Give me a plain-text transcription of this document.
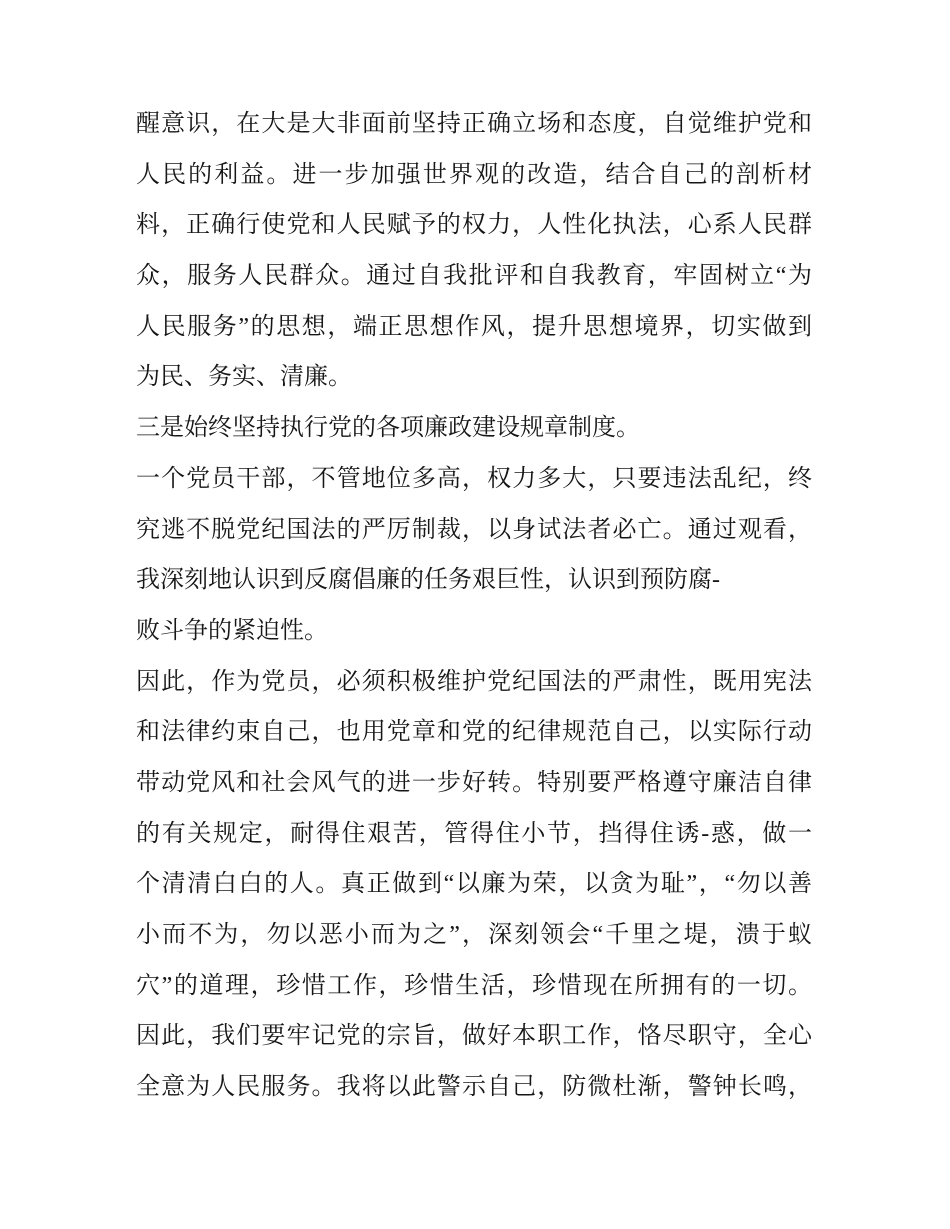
醒意识，在大是大非面前坚持正确立场和态度，自觉维护党和
人民的利益。进一步加强世界观的改造，结合自己的剖析材
料，正确行使党和人民赋予的权力，人性化执法，心系人民群
众，服务人民群众。通过自我批评和自我教育，牢固树立“为
人民服务”的思想，端正思想作风，提升思想境界，切实做到
为民、务实、清廉。
三是始终坚持执行党的各项廉政建设规章制度。
一个党员干部，不管地位多高，权力多大，只要违法乱纪，终
究逃不脱党纪国法的严厉制裁，以身试法者必亡。通过观看，
我深刻地认识到反腐倡廉的任务艰巨性，认识到预防腐-
败斗争的紧迫性。
因此，作为党员，必须积极维护党纪国法的严肃性，既用宪法
和法律约束自己，也用党章和党的纪律规范自己，以实际行动
带动党风和社会风气的进一步好转。特别要严格遵守廉洁自律
的有关规定，耐得住艰苦，管得住小节，挡得住诱-惑，做一
个清清白白的人。真正做到“以廉为荣，以贪为耻”，“勿以善
小而不为，勿以恶小而为之”，深刻领会“千里之堤，溃于蚁
穴”的道理，珍惜工作，珍惜生活，珍惜现在所拥有的一切。
因此，我们要牢记党的宗旨，做好本职工作，恪尽职守，全心
全意为人民服务。我将以此警示自己，防微杜渐，警钟长鸣，
